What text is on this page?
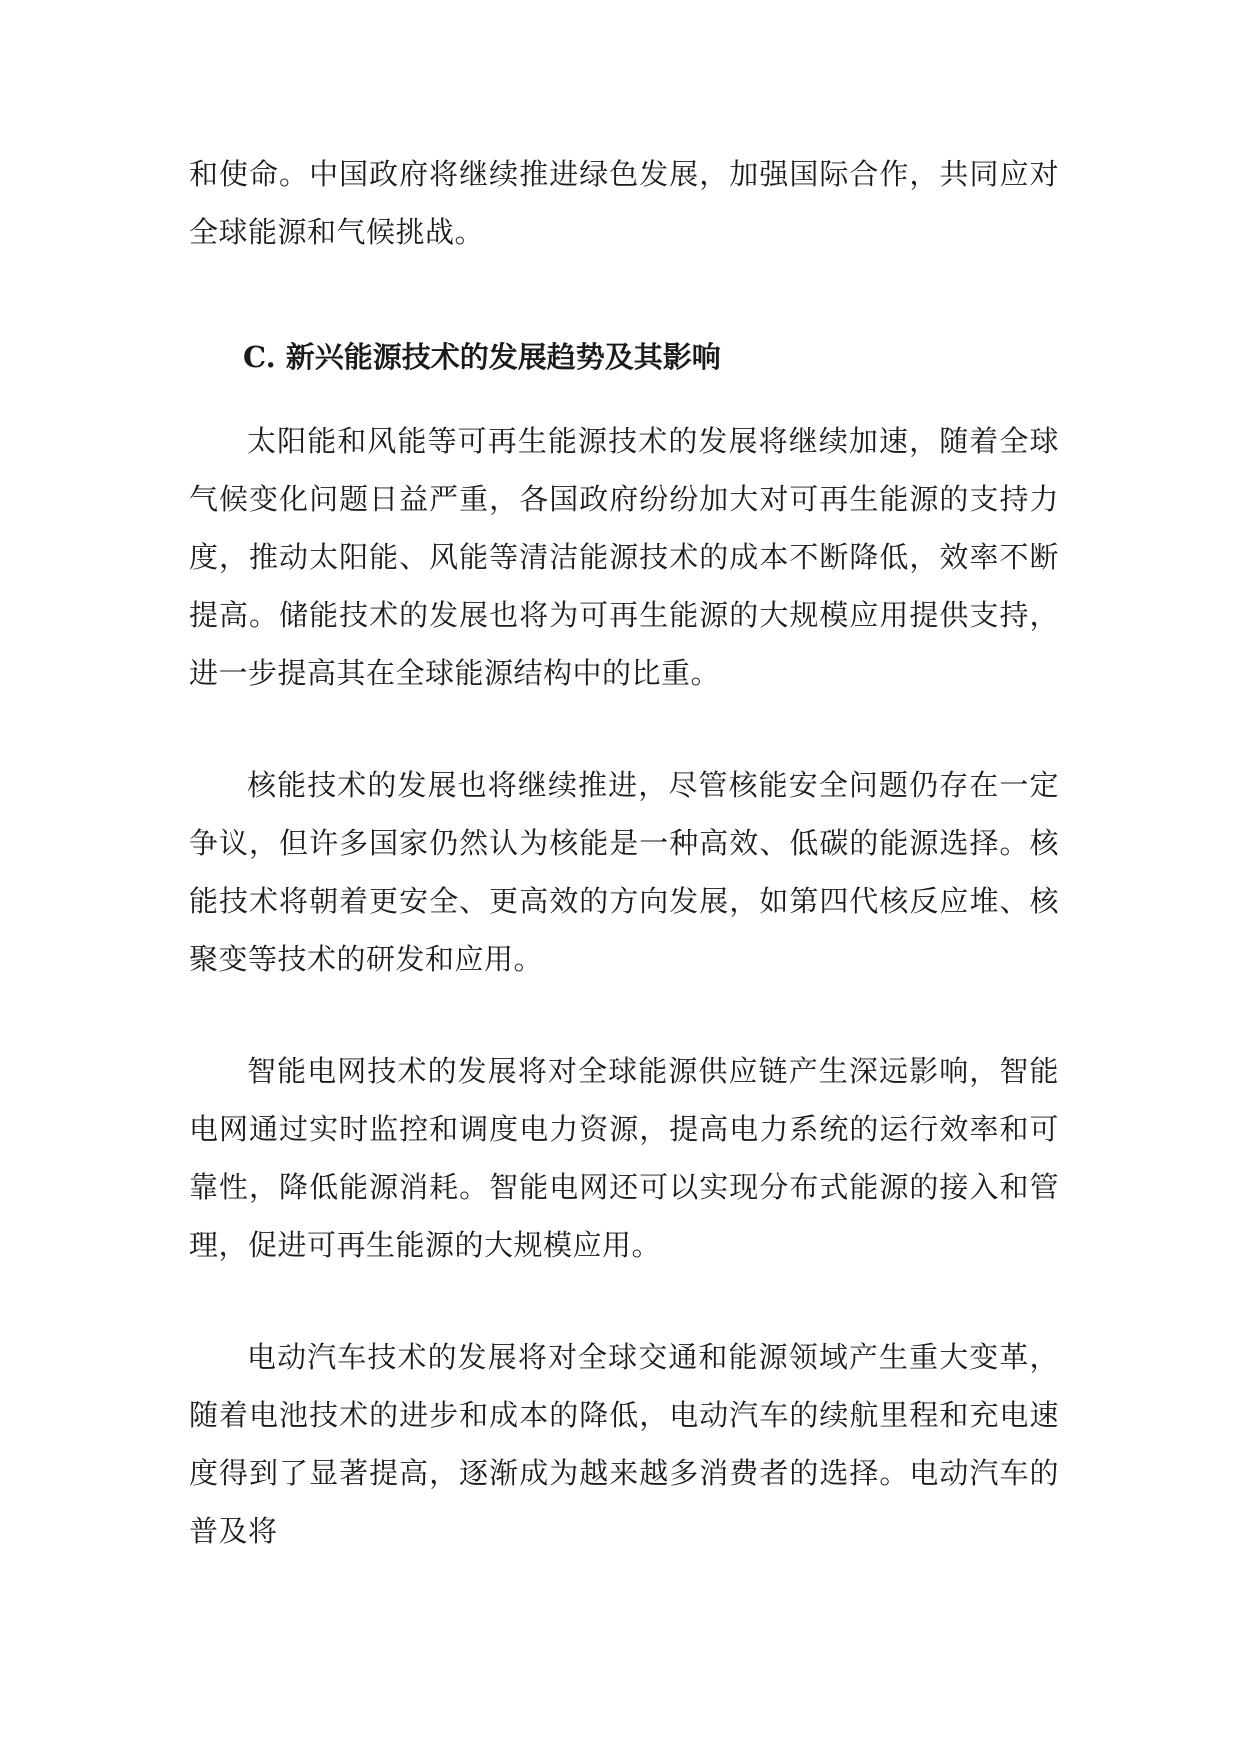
和使命。中国政府将继续推进绿色发展，加强国际合作，共同应对全球能源和气候挑战。

C. 新兴能源技术的发展趋势及其影响

太阳能和风能等可再生能源技术的发展将继续加速，随着全球气候变化问题日益严重，各国政府纷纷加大对可再生能源的支持力度，推动太阳能、风能等清洁能源技术的成本不断降低，效率不断提高。储能技术的发展也将为可再生能源的大规模应用提供支持，进一步提高其在全球能源结构中的比重。

核能技术的发展也将继续推进，尽管核能安全问题仍存在一定争议，但许多国家仍然认为核能是一种高效、低碳的能源选择。核能技术将朝着更安全、更高效的方向发展，如第四代核反应堆、核聚变等技术的研发和应用。

智能电网技术的发展将对全球能源供应链产生深远影响，智能电网通过实时监控和调度电力资源，提高电力系统的运行效率和可靠性，降低能源消耗。智能电网还可以实现分布式能源的接入和管理，促进可再生能源的大规模应用。

电动汽车技术的发展将对全球交通和能源领域产生重大变革，随着电池技术的进步和成本的降低，电动汽车的续航里程和充电速度得到了显著提高，逐渐成为越来越多消费者的选择。电动汽车的普及将
